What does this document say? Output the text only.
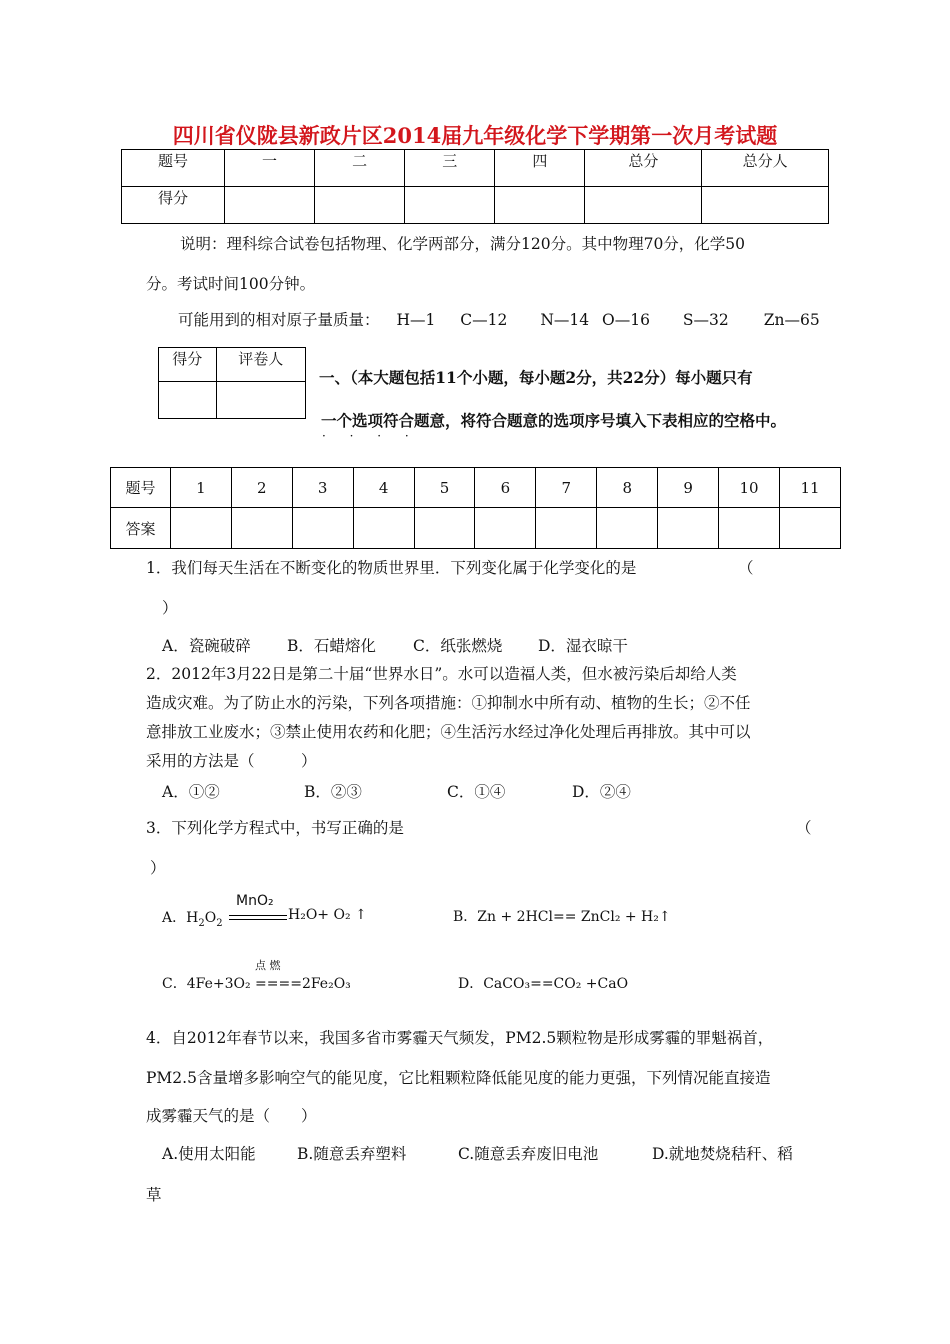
四川省仪陇县新政片区2014届九年级化学下学期第一次月考试题
题号	一	二	三	四	总分	总分人
得分						
说明：理科综合试卷包括物理、化学两部分，满分120分。其中物理70分，化学50
分。考试时间100分钟。
可能用到的相对原子量质量： H—1 C—12 N—14 O—16 S—32 Zn—65
得分	评卷人

一、（本大题包括11个小题，每小题2分，共22分）每小题只有
一个选项符合题意，将符合题意的选项序号填入下表相应的空格中。
· · · ·
题号	1	2	3	4	5	6	7	8	9	10	11
答案											
1．我们每天生活在不断变化的物质世界里．下列变化属于化学变化的是	（
）
A．瓷碗破碎 B．石蜡熔化 C．纸张燃烧 D．湿衣晾干
2．2012年3月22日是第二十届“世界水日”。水可以造福人类，但水被污染后却给人类
造成灾难。为了防止水的污染，下列各项措施：①抑制水中所有动、植物的生长；②不任
意排放工业废水；③禁止使用农药和化肥；④生活污水经过净化处理后再排放。其中可以
采用的方法是（　　　）
A．①②	B．②③	C．①④	D．②④
3．下列化学方程式中，书写正确的是	（
）
MnO₂
A．$H_2O_2$
H₂O+ O₂ ↑	B．Zn + 2HCl== ZnCl₂ + H₂↑
点 燃
C．4Fe+3O₂ ====2Fe₂O₃	D．CaCO₃==CO₂ +CaO
4．自2012年春节以来，我国多省市雾霾天气频发，PM2.5颗粒物是形成雾霾的罪魁祸首，
PM2.5含量增多影响空气的能见度，它比粗颗粒降低能见度的能力更强，下列情况能直接造
成雾霾天气的是（　　）
A.使用太阳能	B.随意丢弃塑料	C.随意丢弃废旧电池	D.就地焚烧秸秆、稻
草
